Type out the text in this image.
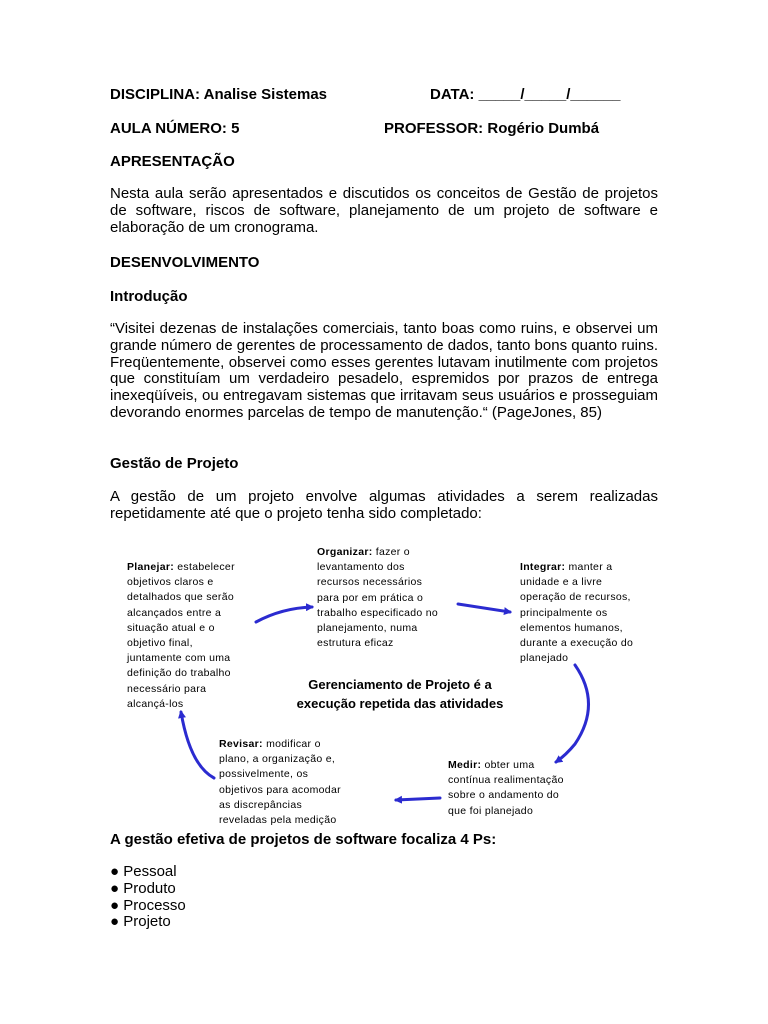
DISCIPLINA: Analise Sistemas	DATA: _____/_____/______
AULA NÚMERO: 5	PROFESSOR: Rogério Dumbá
APRESENTAÇÃO
Nesta aula serão apresentados e discutidos os conceitos de Gestão de projetos de software, riscos de software, planejamento de um projeto de software e elaboração de um cronograma.
DESENVOLVIMENTO
Introdução
“Visitei dezenas de instalações comerciais, tanto boas como ruins, e observei um grande número de gerentes de processamento de dados, tanto bons quanto ruins. Freqüentemente, observei como esses gerentes lutavam inutilmente com projetos que constituíam um verdadeiro pesadelo, espremidos por prazos de entrega inexeqüíveis, ou entregavam sistemas que irritavam seus usuários e prosseguiam devorando enormes parcelas de tempo de manutenção.“ (PageJones, 85)
Gestão de Projeto
A gestão de um projeto envolve algumas atividades a serem realizadas repetidamente até que o projeto tenha sido completado:
Planejar: estabelecer
objetivos claros e
detalhados que serão
alcançados entre a
situação atual e o
objetivo final,
juntamente com uma
definição do trabalho
necessário para
alcançá-los
Organizar: fazer o
levantamento dos
recursos necessários
para por em prática o
trabalho especificado no
planejamento, numa
estrutura eficaz
Integrar: manter a
unidade e a livre
operação de recursos,
principalmente os
elementos humanos,
durante a execução do
planejado
Gerenciamento de Projeto é a
execução repetida das atividades
Revisar: modificar o
plano, a organização e,
possivelmente, os
objetivos para acomodar
as discrepâncias
reveladas pela medição
Medir: obter uma
contínua realimentação
sobre o andamento do
que foi planejado
A gestão efetiva de projetos de software focaliza 4 Ps:
● Pessoal
● Produto
● Processo
● Projeto
